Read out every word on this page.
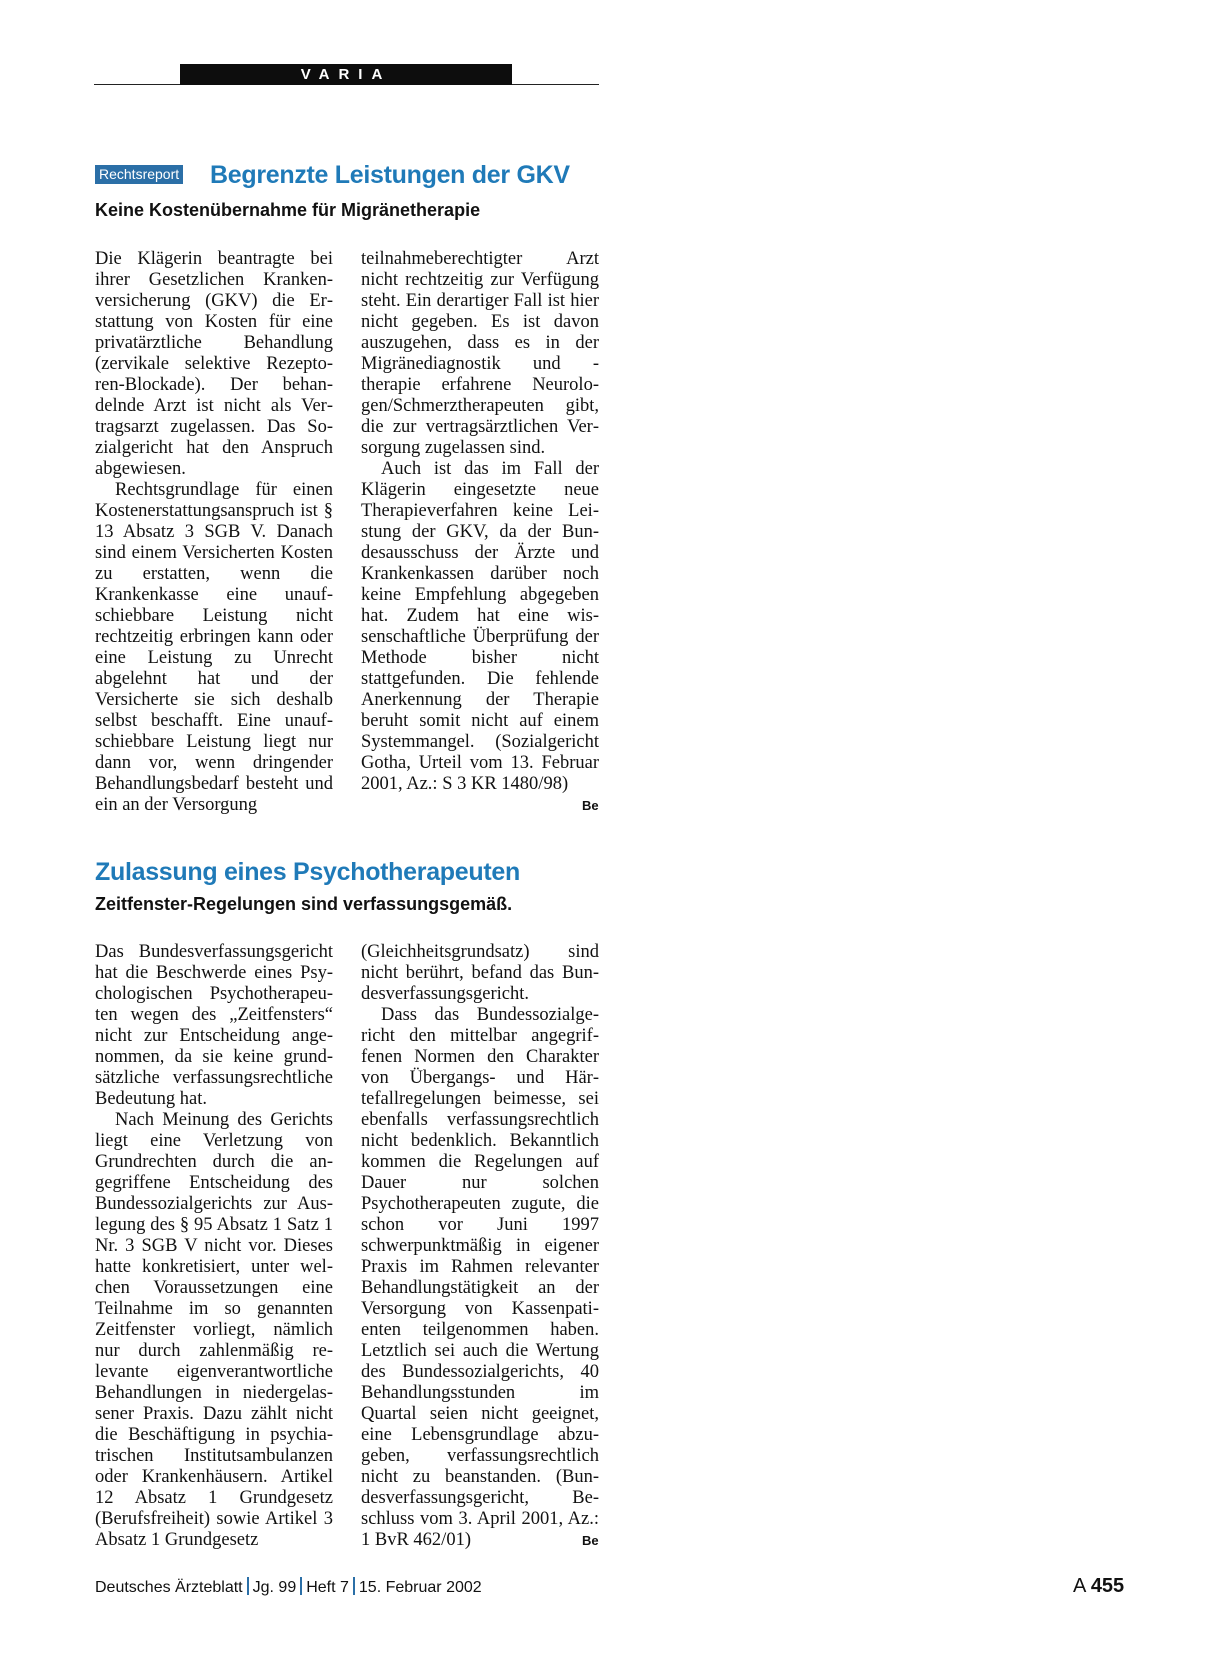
VARIA
Rechtsreport Begrenzte Leistungen der GKV
Keine Kostenübernahme für Migränetherapie

Die Klägerin beantragte bei ihrer Gesetzlichen Krankenversicherung (GKV) die Erstattung von Kosten für eine privatärztliche Behandlung (zervikale selektive Rezeptoren-Blockade). Der behandelnde Arzt ist nicht als Vertragsarzt zugelassen. Das Sozialgericht hat den Anspruch abgewiesen.

Rechtsgrundlage für einen Kostenerstattungsanspruch ist § 13 Absatz 3 SGB V. Danach sind einem Versicherten Kosten zu erstatten, wenn die Krankenkasse eine unaufschiebbare Leistung nicht rechtzeitig erbringen kann oder eine Leistung zu Unrecht abgelehnt hat und der Versicherte sie sich deshalb selbst beschafft. Eine unaufschiebbare Leistung liegt nur dann vor, wenn dringender Behandlungsbedarf besteht und ein an der Versorgung

teilnahmeberechtigter Arzt nicht rechtzeitig zur Verfügung steht. Ein derartiger Fall ist hier nicht gegeben. Es ist davon auszugehen, dass es in der Migränediagnostik und -therapie erfahrene Neurologen/Schmerztherapeuten gibt, die zur vertragsärztlichen Versorgung zugelassen sind.

Auch ist das im Fall der Klägerin eingesetzte neue Therapieverfahren keine Leistung der GKV, da der Bundesausschuss der Ärzte und Krankenkassen darüber noch keine Empfehlung abgegeben hat. Zudem hat eine wissenschaftliche Überprüfung der Methode bisher nicht stattgefunden. Die fehlende Anerkennung der Therapie beruht somit nicht auf einem Systemmangel. (Sozialgericht Gotha, Urteil vom 13. Februar 2001, Az.: S 3 KR 1480/98)

Be
Zulassung eines Psychotherapeuten
Zeitfenster-Regelungen sind verfassungsgemäß.

Das Bundesverfassungsgericht hat die Beschwerde eines Psychologischen Psychotherapeuten wegen des „Zeitfensters“ nicht zur Entscheidung angenommen, da sie keine grundsätzliche verfassungsrechtliche Bedeutung hat.

Nach Meinung des Gerichts liegt eine Verletzung von Grundrechten durch die angegriffene Entscheidung des Bundessozialgerichts zur Auslegung des § 95 Absatz 1 Satz 1 Nr. 3 SGB V nicht vor. Dieses hatte konkretisiert, unter welchen Voraussetzungen eine Teilnahme im so genannten Zeitfenster vorliegt, nämlich nur durch zahlenmäßig relevante eigenverantwortliche Behandlungen in niedergelassener Praxis. Dazu zählt nicht die Beschäftigung in psychiatrischen Institutsambulanzen oder Krankenhäusern. Artikel 12 Absatz 1 Grundgesetz (Berufsfreiheit) sowie Artikel 3 Absatz 1 Grundgesetz

(Gleichheitsgrundsatz) sind nicht berührt, befand das Bundesverfassungsgericht.

Dass das Bundessozialgericht den mittelbar angegriffenen Normen den Charakter von Übergangs- und Härtefallregelungen beimesse, sei ebenfalls verfassungsrechtlich nicht bedenklich. Bekanntlich kommen die Regelungen auf Dauer nur solchen Psychotherapeuten zugute, die schon vor Juni 1997 schwerpunktmäßig in eigener Praxis im Rahmen relevanter Behandlungstätigkeit an der Versorgung von Kassenpatienten teilgenommen haben. Letztlich sei auch die Wertung des Bundessozialgerichts, 40 Behandlungsstunden im Quartal seien nicht geeignet, eine Lebensgrundlage abzugeben, verfassungsrechtlich nicht zu beanstanden. (Bundesverfassungsgericht, Beschluss vom 3. April 2001, Az.: 1 BvR 462/01)	Be
Deutsches Ärzteblatt Jg. 99 Heft 7 15. Februar 2002	A 455
